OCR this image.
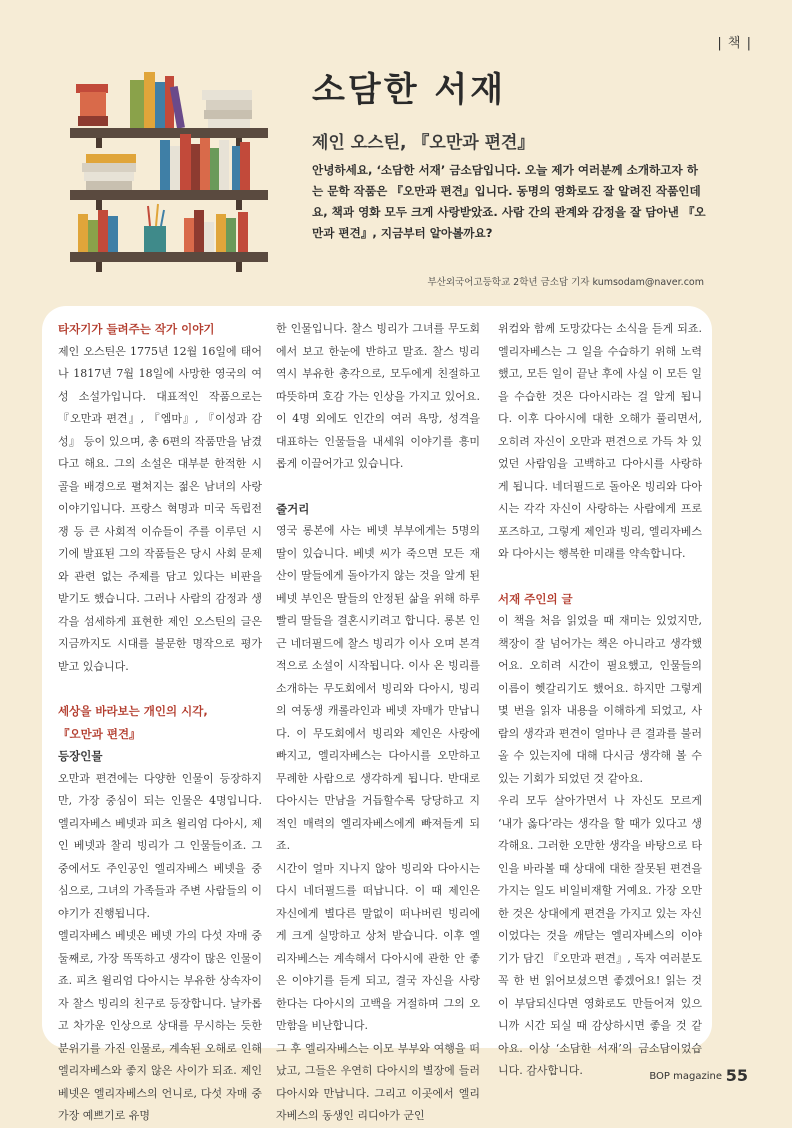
| 책 |
소담한 서재
제인 오스틴, 『오만과 편견』

안녕하세요, ‘소담한 서재’ 금소담입니다. 오늘 제가 여러분께 소개하고자 하는 문학 작품은 『오만과 편견』입니다. 동명의 영화로도 잘 알려진 작품인데요, 책과 영화 모두 크게 사랑받았죠. 사람 간의 관계와 감정을 잘 담아낸 『오만과 편견』, 지금부터 알아볼까요?

부산외국어고등학교 2학년 금소담 기자 kumsodam@naver.com

타자기가 들려주는 작가 이야기

제인 오스틴은 1775년 12월 16일에 태어나 1817년 7월 18일에 사망한 영국의 여성 소설가입니다. 대표적인 작품으로는 『오만과 편견』, 『엠마』, 『이성과 감성』 등이 있으며, 총 6편의 작품만을 남겼다고 해요. 그의 소설은 대부분 한적한 시골을 배경으로 펼쳐지는 젊은 남녀의 사랑 이야기입니다. 프랑스 혁명과 미국 독립전쟁 등 큰 사회적 이슈들이 주를 이루던 시기에 발표된 그의 작품들은 당시 사회 문제와 관련 없는 주제를 담고 있다는 비판을 받기도 했습니다. 그러나 사람의 감정과 생각을 섬세하게 표현한 제인 오스틴의 글은 지금까지도 시대를 불문한 명작으로 평가받고 있습니다.

세상을 바라보는 개인의 시각,

『오만과 편견』

등장인물

오만과 편견에는 다양한 인물이 등장하지만, 가장 중심이 되는 인물은 4명입니다. 엘리자베스 베넷과 피츠 윌리엄 다아시, 제인 베넷과 찰리 빙리가 그 인물들이죠. 그중에서도 주인공인 엘리자베스 베넷을 중심으로, 그녀의 가족들과 주변 사람들의 이야기가 진행됩니다.

엘리자베스 베넷은 베넷 가의 다섯 자매 중 둘째로, 가장 똑똑하고 생각이 많은 인물이죠. 피츠 윌리엄 다아시는 부유한 상속자이자 찰스 빙리의 친구로 등장합니다. 날카롭고 차가운 인상으로 상대를 무시하는 듯한 분위기를 가진 인물로, 계속된 오해로 인해 엘리자베스와 좋지 않은 사이가 되죠. 제인 베넷은 엘리자베스의 언니로, 다섯 자매 중 가장 예쁘기로 유명

한 인물입니다. 찰스 빙리가 그녀를 무도회에서 보고 한눈에 반하고 말죠. 찰스 빙리 역시 부유한 총각으로, 모두에게 친절하고 따뜻하며 호감 가는 인상을 가지고 있어요. 이 4명 외에도 인간의 여러 욕망, 성격을 대표하는 인물들을 내세워 이야기를 흥미롭게 이끌어가고 있습니다.

줄거리

영국 롱본에 사는 베넷 부부에게는 5명의 딸이 있습니다. 베넷 씨가 죽으면 모든 재산이 딸들에게 돌아가지 않는 것을 알게 된 베넷 부인은 딸들의 안정된 삶을 위해 하루빨리 딸들을 결혼시키려고 합니다. 롱본 인근 네더필드에 찰스 빙리가 이사 오며 본격적으로 소설이 시작됩니다. 이사 온 빙리를 소개하는 무도회에서 빙리와 다아시, 빙리의 여동생 캐롤라인과 베넷 자매가 만납니다. 이 무도회에서 빙리와 제인은 사랑에 빠지고, 엘리자베스는 다아시를 오만하고 무례한 사람으로 생각하게 됩니다. 반대로 다아시는 만남을 거듭할수록 당당하고 지적인 매력의 엘리자베스에게 빠져들게 되죠.

시간이 얼마 지나지 않아 빙리와 다아시는 다시 네더필드를 떠납니다. 이 때 제인은 자신에게 별다른 말없이 떠나버린 빙리에게 크게 실망하고 상처 받습니다. 이후 엘리자베스는 계속해서 다아시에 관한 안 좋은 이야기를 듣게 되고, 결국 자신을 사랑한다는 다아시의 고백을 거절하며 그의 오만함을 비난합니다.

그 후 엘리자베스는 이모 부부와 여행을 떠났고, 그들은 우연히 다아시의 별장에 들러 다아시와 만납니다. 그리고 이곳에서 엘리자베스의 동생인 리디아가 군인

위컴와 함께 도망갔다는 소식을 듣게 되죠. 엘리자베스는 그 일을 수습하기 위해 노력했고, 모든 일이 끝난 후에 사실 이 모든 일을 수습한 것은 다아시라는 걸 알게 됩니다. 이후 다아시에 대한 오해가 풀리면서, 오히려 자신이 오만과 편견으로 가득 차 있었던 사람임을 고백하고 다아시를 사랑하게 됩니다. 네더필드로 돌아온 빙리와 다아시는 각각 자신이 사랑하는 사람에게 프로포즈하고, 그렇게 제인과 빙리, 엘리자베스와 다아시는 행복한 미래를 약속합니다.

서재 주인의 글

이 책을 처음 읽었을 때 재미는 있었지만, 책장이 잘 넘어가는 책은 아니라고 생각했어요. 오히려 시간이 필요했고, 인물들의 이름이 헷갈리기도 했어요. 하지만 그렇게 몇 번을 읽자 내용을 이해하게 되었고, 사람의 생각과 편견이 얼마나 큰 결과를 불러올 수 있는지에 대해 다시금 생각해 볼 수 있는 기회가 되었던 것 같아요.

우리 모두 살아가면서 나 자신도 모르게 ‘내가 옳다’라는 생각을 할 때가 있다고 생각해요. 그러한 오만한 생각을 바탕으로 타인을 바라볼 때 상대에 대한 잘못된 편견을 가지는 일도 비일비재할 거예요. 가장 오만한 것은 상대에게 편견을 가지고 있는 자신이었다는 것을 깨닫는 엘리자베스의 이야기가 담긴 『오만과 편견』, 독자 여러분도 꼭 한 번 읽어보셨으면 좋겠어요! 읽는 것이 부담되신다면 영화로도 만들어져 있으니까 시간 되실 때 감상하시면 좋을 것 같아요. 이상 ‘소담한 서재’의 금소담이었습니다. 감사합니다.	BOP magazine 55
